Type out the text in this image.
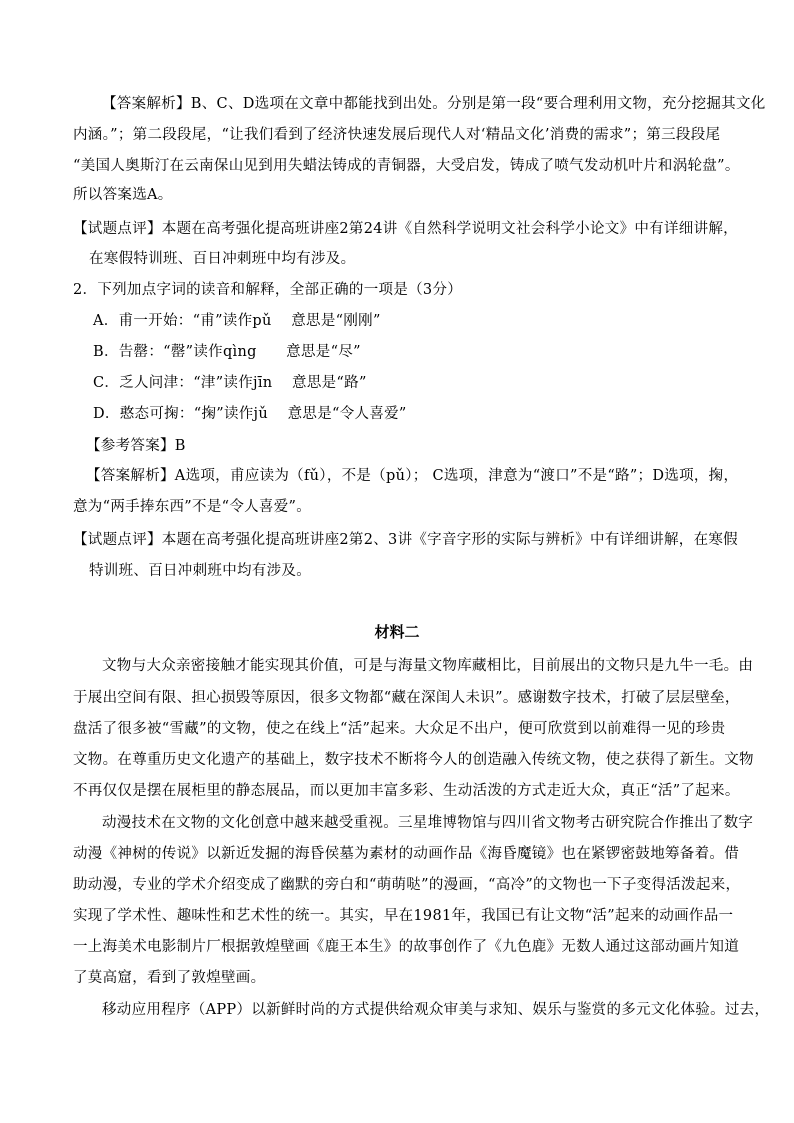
【答案解析】B、C、D选项在文章中都能找到出处。分别是第一段“要合理利用文物，充分挖掘其文化
内涵。”；第二段段尾，“让我们看到了经济快速发展后现代人对‘精品文化’消费的需求”；第三段段尾
“美国人奥斯汀在云南保山见到用失蜡法铸成的青铜器，大受启发，铸成了喷气发动机叶片和涡轮盘”。
所以答案选A。
【试题点评】本题在高考强化提高班讲座2第24讲《自然科学说明文社会科学小论文》中有详细讲解，
在寒假特训班、百日冲刺班中均有涉及。
2．下列加点字词的读音和解释，全部正确的一项是（3分）
A．甫一开始：“甫”读作pǔ    意思是“刚刚”
B．告罄：“罄”读作qìng      意思是“尽”
C．乏人问津：“津”读作jīn    意思是“路”
D．憨态可掬：“掬”读作jǔ    意思是“令人喜爱”
【参考答案】B
【答案解析】A选项，甫应读为（fǔ），不是（pǔ）； C选项，津意为“渡口”不是“路”；D选项，掬，
意为“两手捧东西”不是“令人喜爱”。
【试题点评】本题在高考强化提高班讲座2第2、3讲《字音字形的实际与辨析》中有详细讲解，在寒假
特训班、百日冲刺班中均有涉及。
材料二
文物与大众亲密接触才能实现其价值，可是与海量文物库藏相比，目前展出的文物只是九牛一毛。由
于展出空间有限、担心损毁等原因，很多文物都“藏在深闺人未识”。感谢数字技术，打破了层层壁垒，
盘活了很多被“雪藏”的文物，使之在线上“活”起来。大众足不出户，便可欣赏到以前难得一见的珍贵
文物。在尊重历史文化遗产的基础上，数字技术不断将今人的创造融入传统文物，使之获得了新生。文物
不再仅仅是摆在展柜里的静态展品，而以更加丰富多彩、生动活泼的方式走近大众，真正“活”了起来。
动漫技术在文物的文化创意中越来越受重视。三星堆博物馆与四川省文物考古研究院合作推出了数字
动漫《神树的传说》以新近发掘的海昏侯墓为素材的动画作品《海昏魔镜》也在紧锣密鼓地筹备着。借
助动漫，专业的学术介绍变成了幽默的旁白和“萌萌哒”的漫画，“高冷”的文物也一下子变得活泼起来，
实现了学术性、趣味性和艺术性的统一。其实，早在1981年，我国已有让文物“活”起来的动画作品一
一上海美术电影制片厂根据敦煌壁画《鹿王本生》的故事创作了《九色鹿》无数人通过这部动画片知道
了莫高窟，看到了敦煌壁画。
移动应用程序（APP）以新鲜时尚的方式提供给观众审美与求知、娱乐与鉴赏的多元文化体验。过去，
